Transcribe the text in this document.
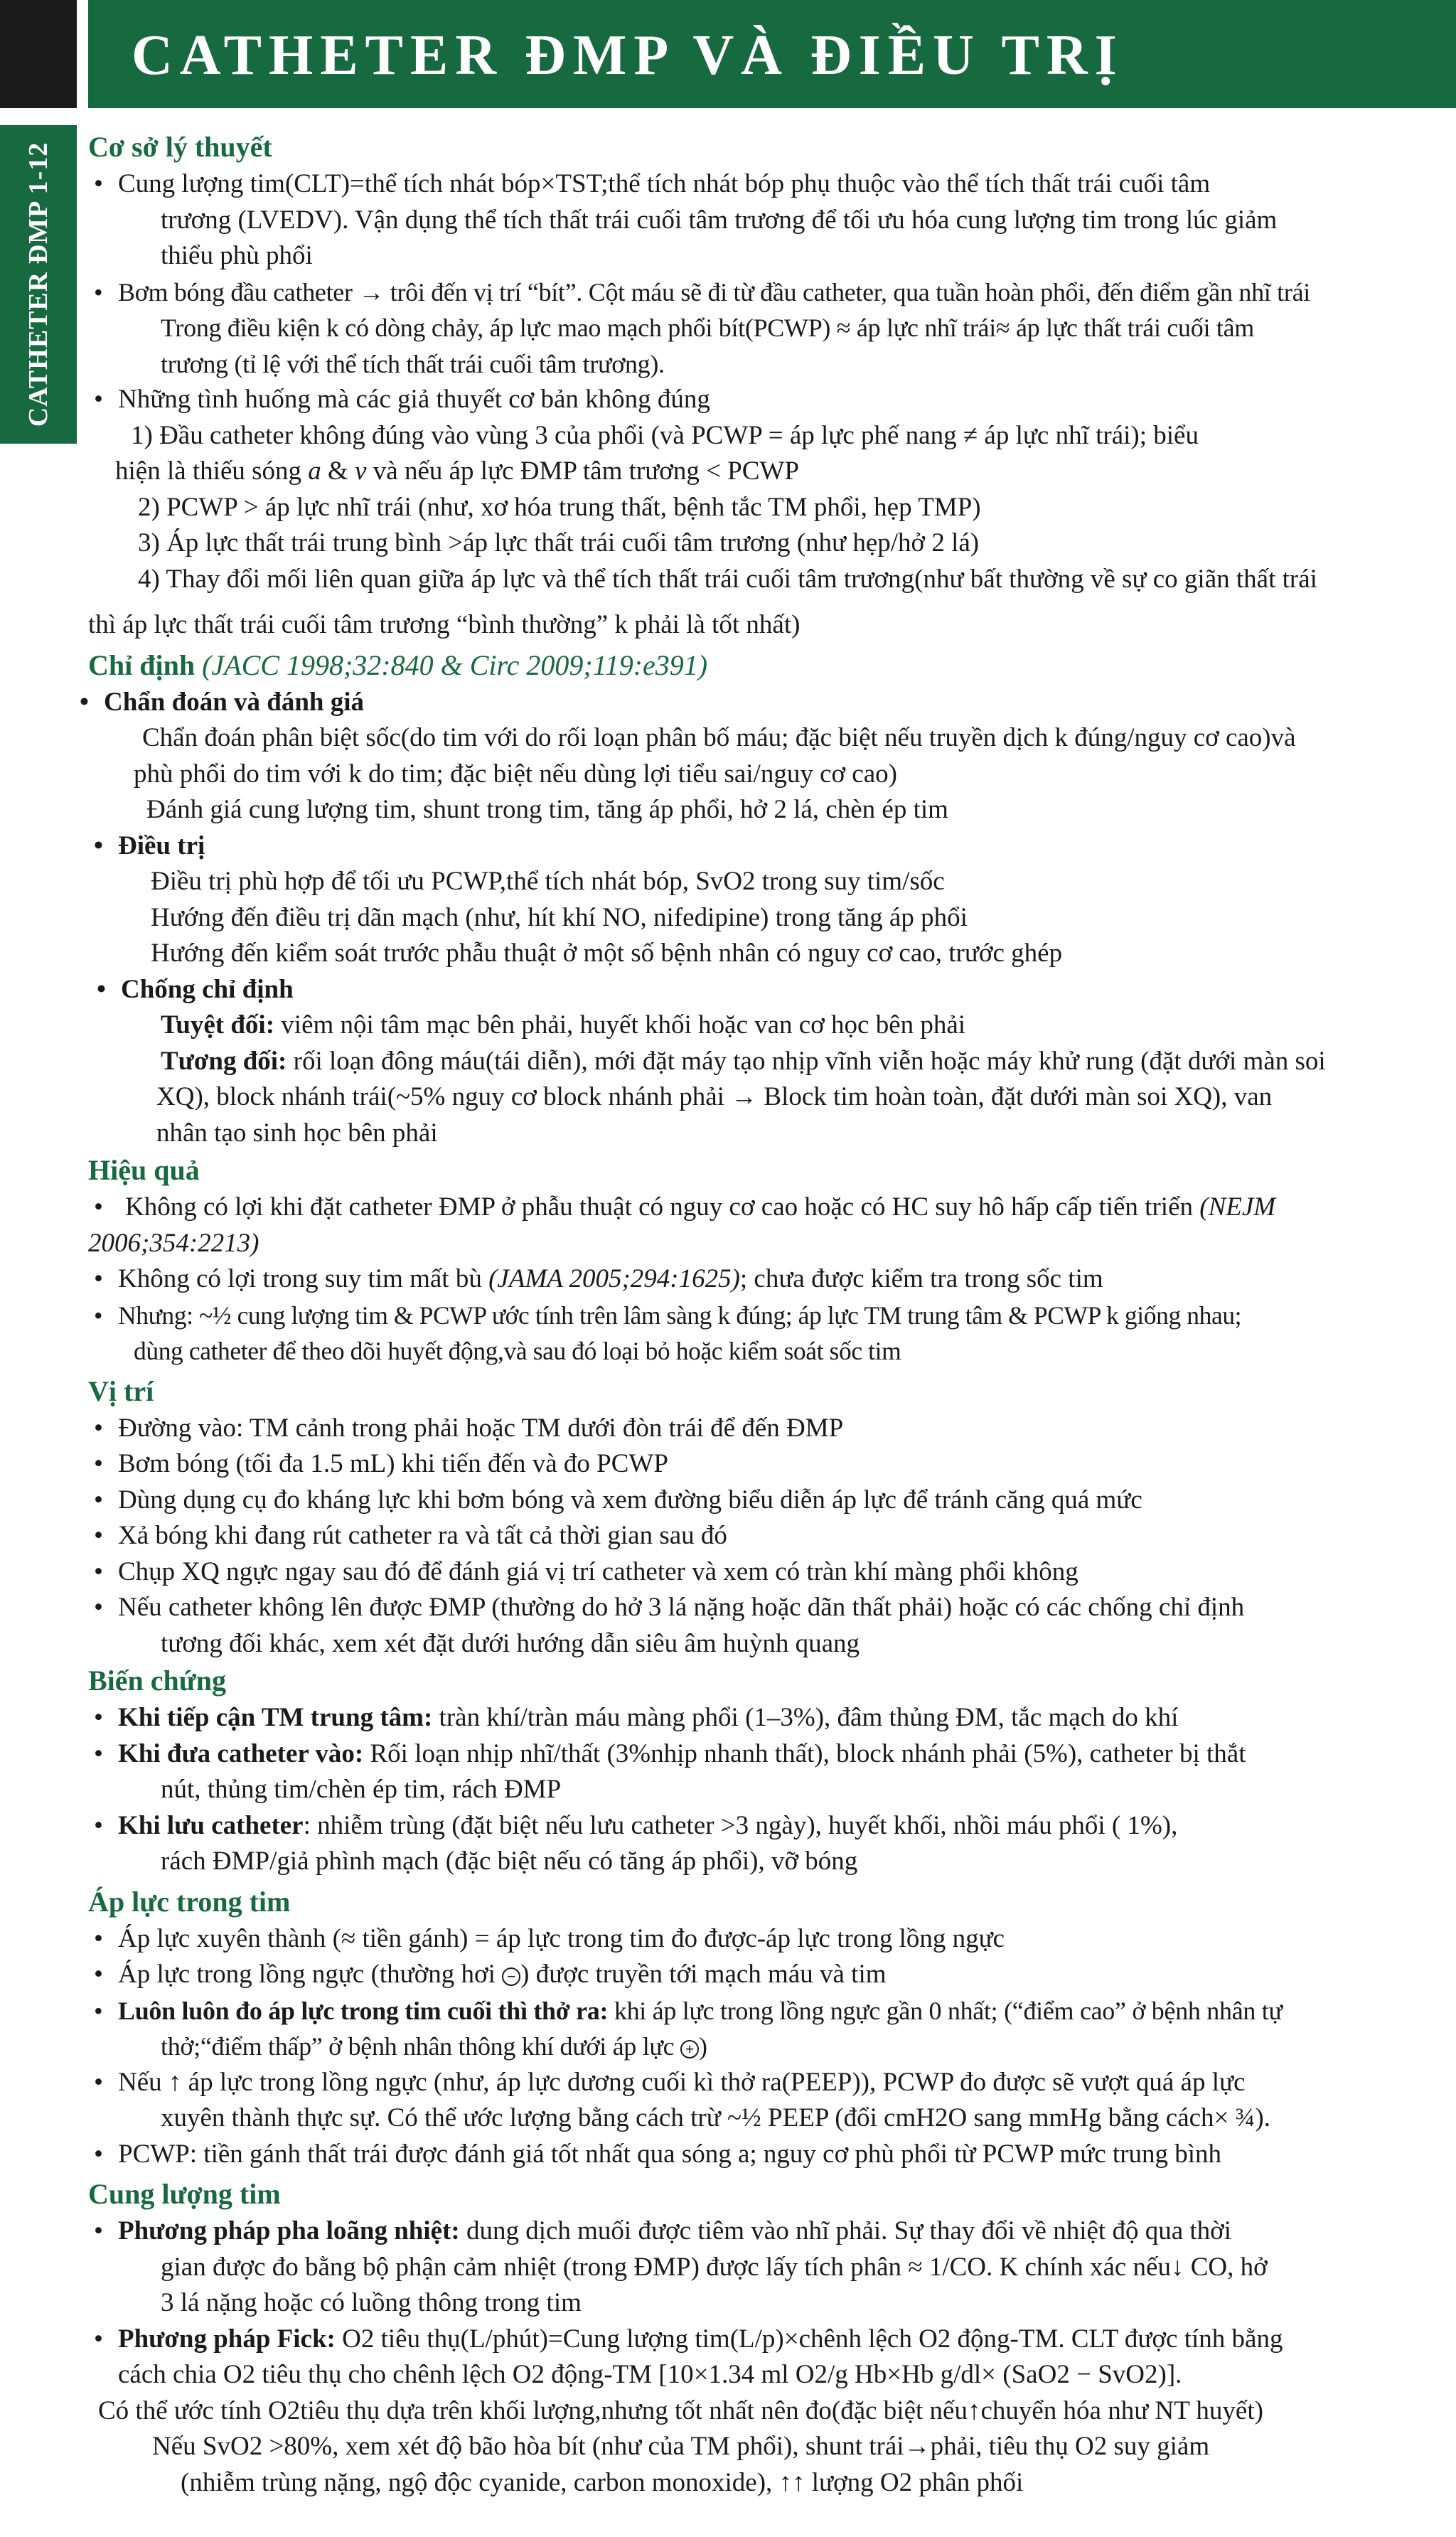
CATHETER ĐMP VÀ ĐIỀU TRỊ
CATHETER ĐMP 1-12 Cơ sở lý thuyết
• Cung lượng tim(CLT)=thể tích nhát bóp×TST;thể tích nhát bóp phụ thuộc vào thể tích thất trái cuối tâm
trương (LVEDV). Vận dụng thể tích thất trái cuối tâm trương để tối ưu hóa cung lượng tim trong lúc giảm
thiểu phù phổi
• Bơm bóng đầu catheter → trôi đến vị trí “bít”. Cột máu sẽ đi từ đầu catheter, qua tuần hoàn phổi, đến điểm gần nhĩ trái
Trong điều kiện k có dòng chảy, áp lực mao mạch phổi bít(PCWP) ≈ áp lực nhĩ trái≈ áp lực thất trái cuối tâm
trương (tỉ lệ với thể tích thất trái cuối tâm trương).
• Những tình huống mà các giả thuyết cơ bản không đúng
1) Đầu catheter không đúng vào vùng 3 của phổi (và PCWP = áp lực phế nang ≠ áp lực nhĩ trái); biểu
hiện là thiếu sóng a & v và nếu áp lực ĐMP tâm trương < PCWP
2) PCWP > áp lực nhĩ trái (như, xơ hóa trung thất, bệnh tắc TM phổi, hẹp TMP)
3) Áp lực thất trái trung bình >áp lực thất trái cuối tâm trương (như hẹp/hở 2 lá)
4) Thay đổi mối liên quan giữa áp lực và thể tích thất trái cuối tâm trương(như bất thường về sự co giãn thất trái
thì áp lực thất trái cuối tâm trương “bình thường” k phải là tốt nhất)
Chỉ định (JACC 1998;32:840 & Circ 2009;119:e391)
• Chẩn đoán và đánh giá
Chẩn đoán phân biệt sốc(do tim với do rối loạn phân bố máu; đặc biệt nếu truyền dịch k đúng/nguy cơ cao)và
phù phổi do tim với k do tim; đặc biệt nếu dùng lợi tiểu sai/nguy cơ cao)
Đánh giá cung lượng tim, shunt trong tim, tăng áp phổi, hở 2 lá, chèn ép tim
• Điều trị
Điều trị phù hợp để tối ưu PCWP,thể tích nhát bóp, SvO2 trong suy tim/sốc
Hướng đến điều trị dãn mạch (như, hít khí NO, nifedipine) trong tăng áp phổi
Hướng đến kiểm soát trước phẫu thuật ở một số bệnh nhân có nguy cơ cao, trước ghép
• Chống chỉ định
Tuyệt đối: viêm nội tâm mạc bên phải, huyết khối hoặc van cơ học bên phải
Tương đối: rối loạn đông máu(tái diễn), mới đặt máy tạo nhịp vĩnh viễn hoặc máy khử rung (đặt dưới màn soi
XQ), block nhánh trái(~5% nguy cơ block nhánh phải → Block tim hoàn toàn, đặt dưới màn soi XQ), van
nhân tạo sinh học bên phải
Hiệu quả
• Không có lợi khi đặt catheter ĐMP ở phẫu thuật có nguy cơ cao hoặc có HC suy hô hấp cấp tiến triển (NEJM
2006;354:2213)
• Không có lợi trong suy tim mất bù (JAMA 2005;294:1625); chưa được kiểm tra trong sốc tim
• Nhưng: ~½ cung lượng tim & PCWP ước tính trên lâm sàng k đúng; áp lực TM trung tâm & PCWP k giống nhau;
dùng catheter để theo dõi huyết động,và sau đó loại bỏ hoặc kiểm soát sốc tim
Vị trí
• Đường vào: TM cảnh trong phải hoặc TM dưới đòn trái để đến ĐMP
• Bơm bóng (tối đa 1.5 mL) khi tiến đến và đo PCWP
• Dùng dụng cụ đo kháng lực khi bơm bóng và xem đường biểu diễn áp lực để tránh căng quá mức
• Xả bóng khi đang rút catheter ra và tất cả thời gian sau đó
• Chụp XQ ngực ngay sau đó để đánh giá vị trí catheter và xem có tràn khí màng phổi không
• Nếu catheter không lên được ĐMP (thường do hở 3 lá nặng hoặc dãn thất phải) hoặc có các chống chỉ định
tương đối khác, xem xét đặt dưới hướng dẫn siêu âm huỳnh quang
Biến chứng
• Khi tiếp cận TM trung tâm: tràn khí/tràn máu màng phổi (1–3%), đâm thủng ĐM, tắc mạch do khí
• Khi đưa catheter vào: Rối loạn nhịp nhĩ/thất (3%nhịp nhanh thất), block nhánh phải (5%), catheter bị thắt
nút, thủng tim/chèn ép tim, rách ĐMP
• Khi lưu catheter: nhiễm trùng (đặt biệt nếu lưu catheter >3 ngày), huyết khối, nhồi máu phổi ( 1%),
rách ĐMP/giả phình mạch (đặc biệt nếu có tăng áp phổi), vỡ bóng
Áp lực trong tim
• Áp lực xuyên thành (≈ tiền gánh) = áp lực trong tim đo được-áp lực trong lồng ngực
• Áp lực trong lồng ngực (thường hơi − ) được truyền tới mạch máu và tim
• Luôn luôn đo áp lực trong tim cuối thì thở ra: khi áp lực trong lồng ngực gần 0 nhất; (“điểm cao” ở bệnh nhân tự
thở;“điểm thấp” ở bệnh nhân thông khí dưới áp lực + )
• Nếu ↑ áp lực trong lồng ngực (như, áp lực dương cuối kì thở ra(PEEP)), PCWP đo được sẽ vượt quá áp lực
xuyên thành thực sự. Có thể ước lượng bằng cách trừ ~½ PEEP (đổi cmH2O sang mmHg bằng cách× ¾).
• PCWP: tiền gánh thất trái được đánh giá tốt nhất qua sóng a; nguy cơ phù phổi từ PCWP mức trung bình
Cung lượng tim
• Phương pháp pha loãng nhiệt: dung dịch muối được tiêm vào nhĩ phải. Sự thay đổi về nhiệt độ qua thời
gian được đo bằng bộ phận cảm nhiệt (trong ĐMP) được lấy tích phân ≈ 1/CO. K chính xác nếu↓ CO, hở
3 lá nặng hoặc có luồng thông trong tim
• Phương pháp Fick: O2 tiêu thụ(L/phút)=Cung lượng tim(L/p)×chênh lệch O2 động-TM. CLT được tính bằng
cách chia O2 tiêu thụ cho chênh lệch O2 động-TM [10×1.34 ml O2/g Hb×Hb g/dl× (SaO2 − SvO2)].
Có thể ước tính O2tiêu thụ dựa trên khối lượng,nhưng tốt nhất nên đo(đặc biệt nếu↑chuyển hóa như NT huyết)
Nếu SvO2 >80%, xem xét độ bão hòa bít (như của TM phổi), shunt trái→phải, tiêu thụ O2 suy giảm
(nhiễm trùng nặng, ngộ độc cyanide, carbon monoxide), ↑↑ lượng O2 phân phối
